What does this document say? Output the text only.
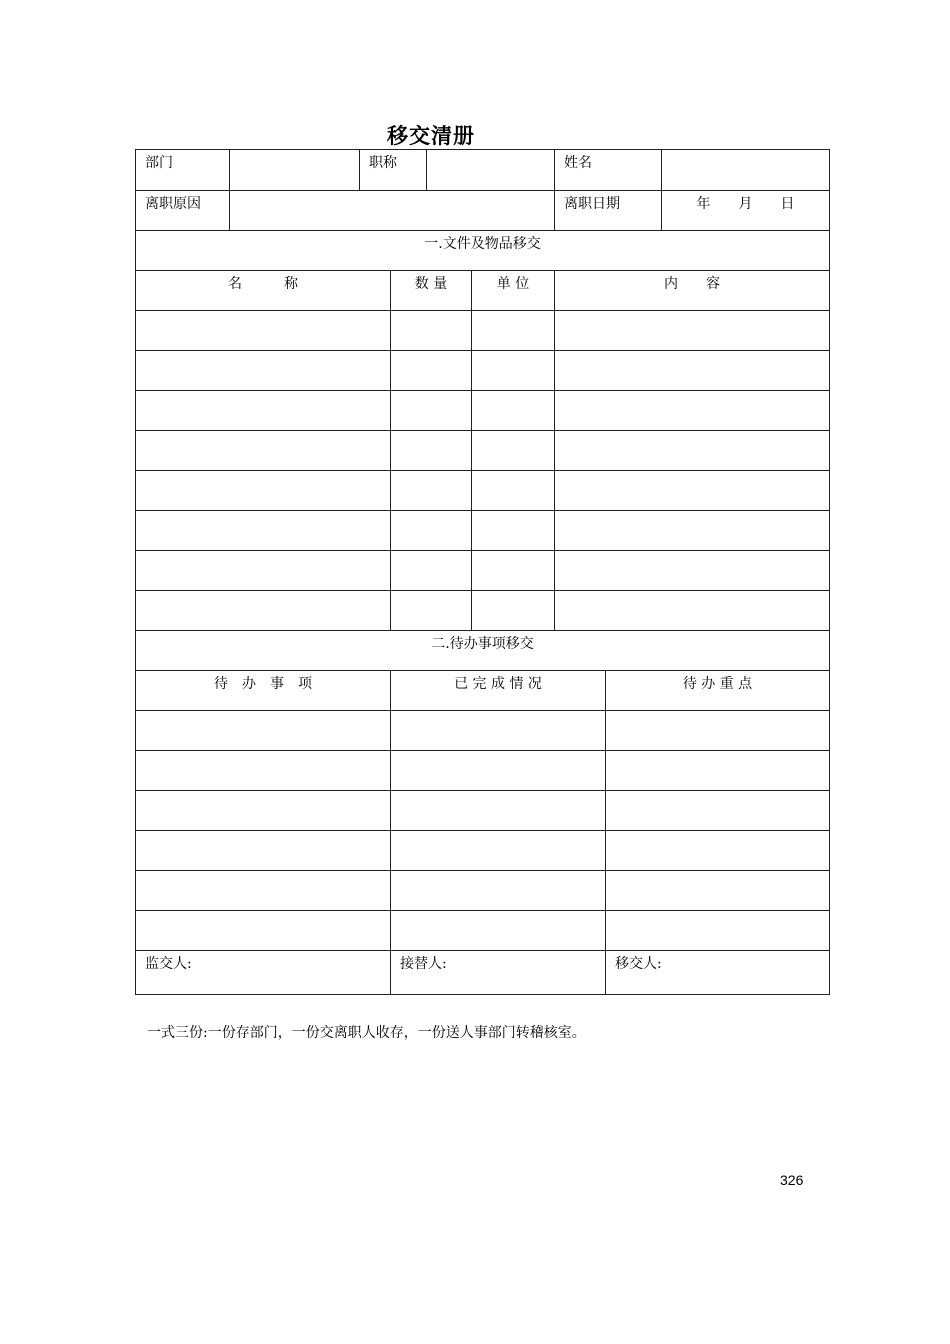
移交清册
部门	职称	姓名
离职原因	离职日期	年　　月　　日
一.文件及物品移交
名　　　称	数 量	单 位	内　　容
二.待办事项移交
待　办　事　项	已 完 成 情 况	待 办 重 点
监交人:	接替人:	移交人:
一式三份:一份存部门，一份交离职人收存，一份送人事部门转稽核室。
326
